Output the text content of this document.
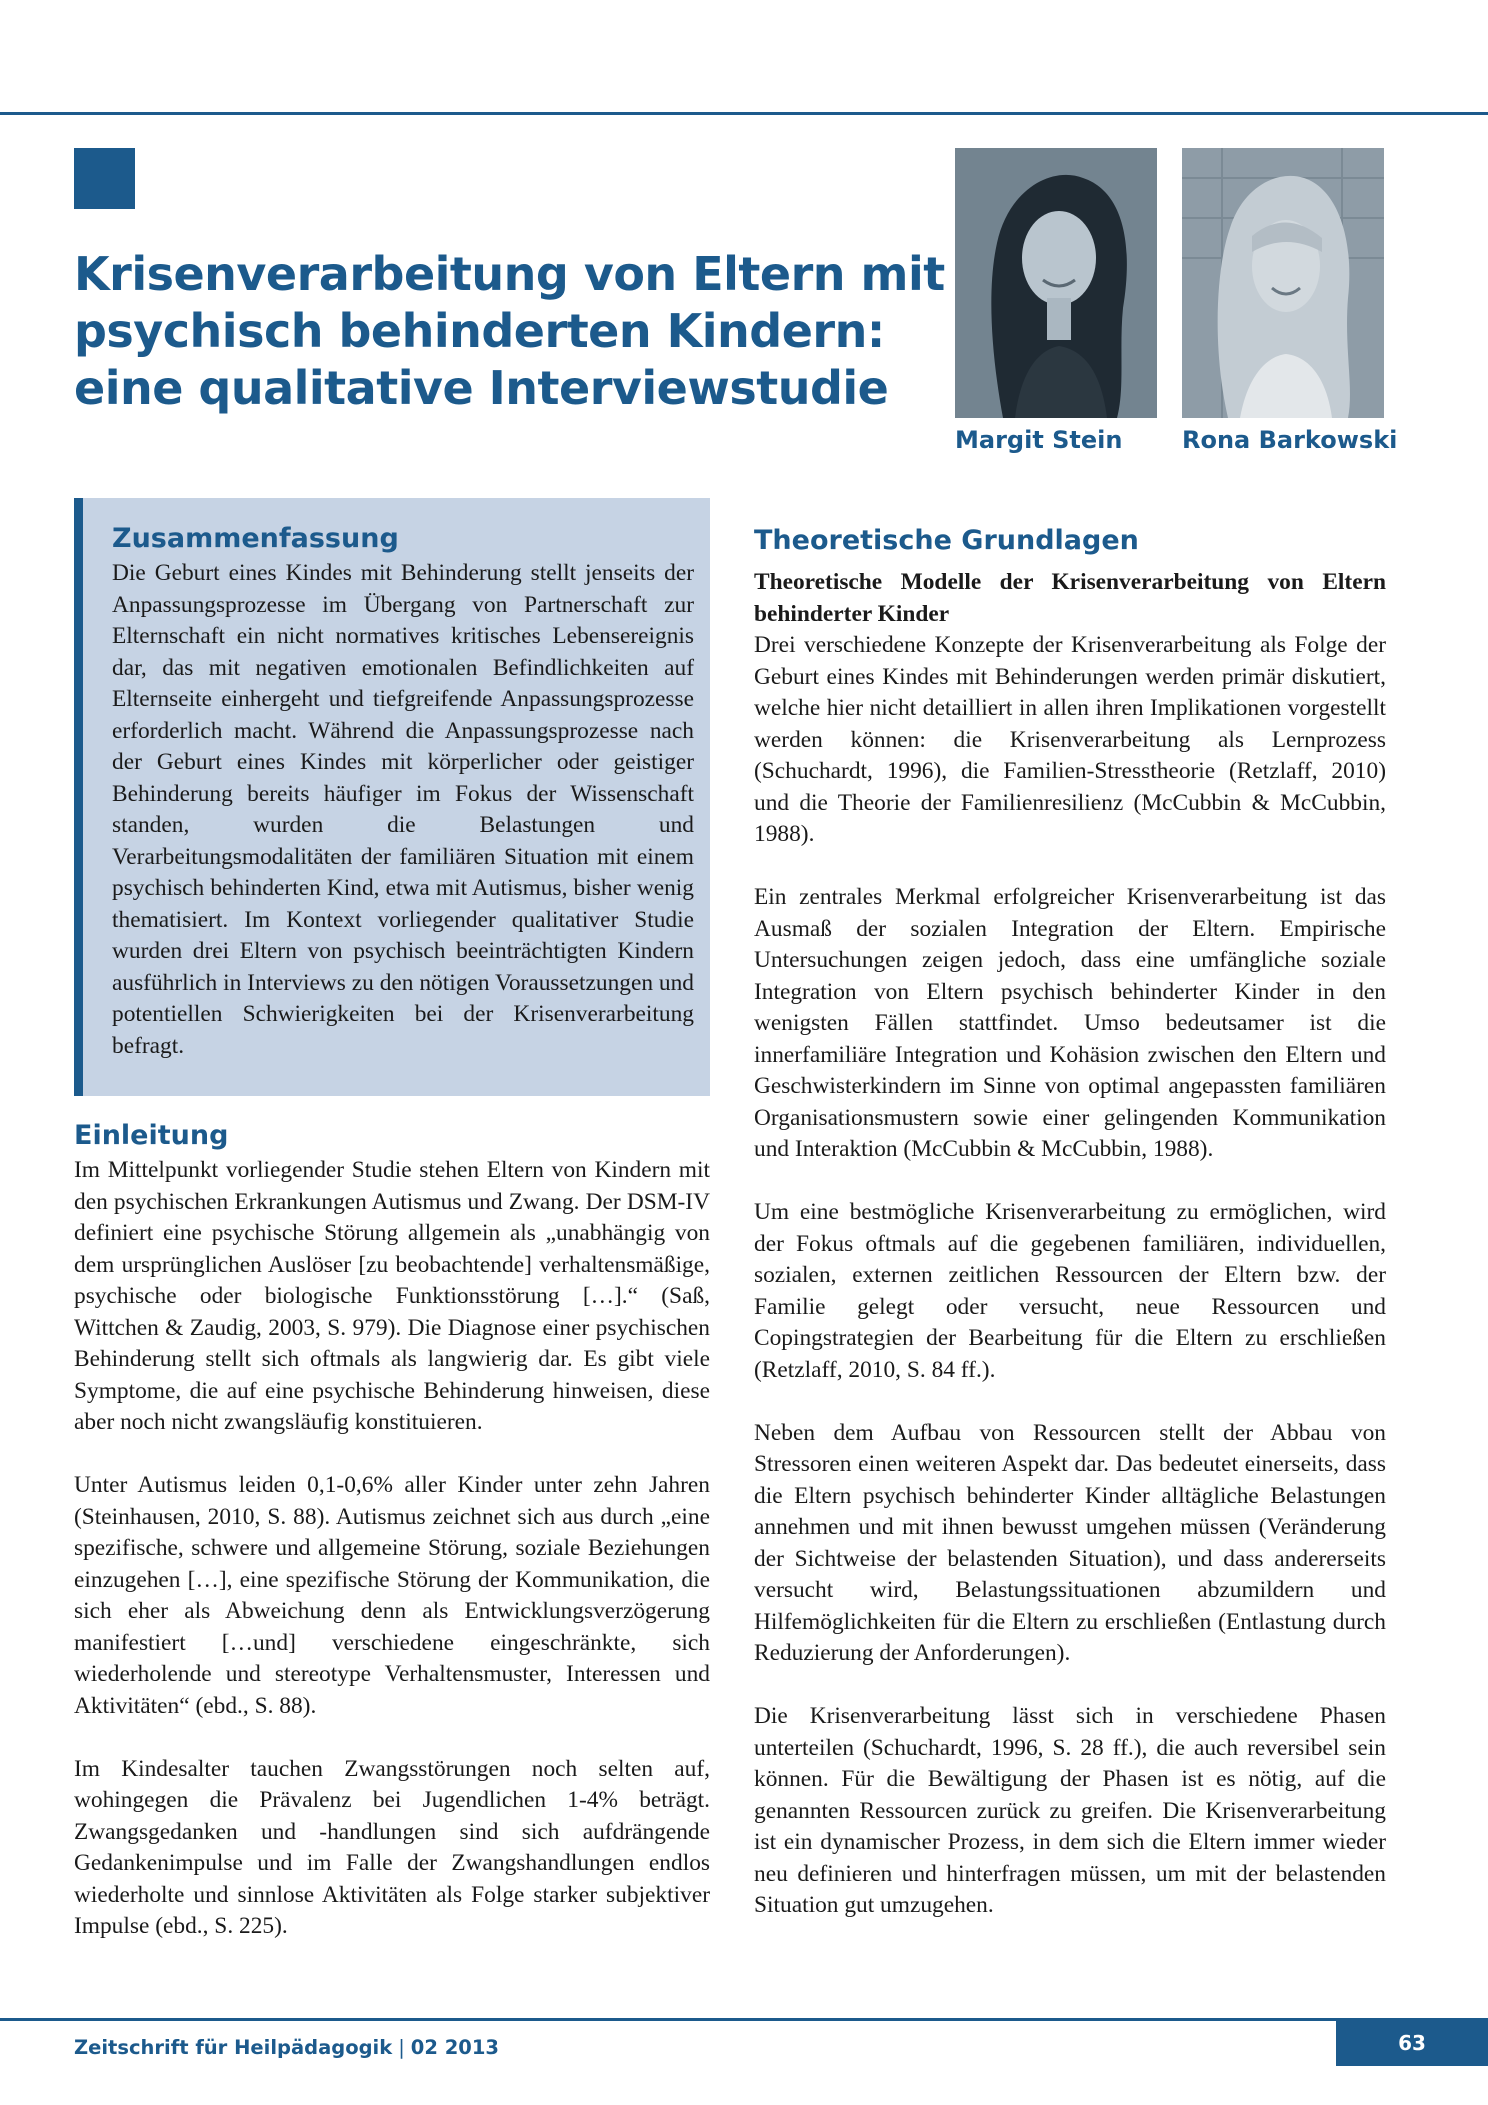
Krisenverarbeitung von Eltern mit
psychisch behinderten Kindern:
eine qualitative Interviewstudie

Margit Stein Rona Barkowski

Zusammenfassung

Die Geburt eines Kindes mit Behinderung stellt jenseits der Anpassungsprozesse im Übergang von Partnerschaft zur Elternschaft ein nicht normatives kritisches Lebensereignis dar, das mit negativen emotionalen Befindlichkeiten auf Elternseite einhergeht und tiefgreifende Anpassungsprozesse erforderlich macht. Während die Anpassungsprozesse nach der Geburt eines Kindes mit körperlicher oder geistiger Behinderung bereits häufiger im Fokus der Wissenschaft standen, wurden die Belastungen und Verarbeitungsmodalitäten der familiären Situation mit einem psychisch behinderten Kind, etwa mit Autismus, bisher wenig thematisiert. Im Kontext vorliegender qualitativer Studie wurden drei Eltern von psychisch beeinträchtigten Kindern ausführlich in Interviews zu den nötigen Voraussetzungen und potentiellen Schwierigkeiten bei der Krisenverarbeitung befragt.

Einleitung

Im Mittelpunkt vorliegender Studie stehen Eltern von Kindern mit den psychischen Erkrankungen Autismus und Zwang. Der DSM-IV definiert eine psychische Störung allgemein als „unabhängig von dem ursprünglichen Auslöser [zu beobachtende] verhaltensmäßige, psychische oder biologische Funktionsstörung […].“ (Saß, Wittchen & Zaudig, 2003, S. 979). Die Diagnose einer psychischen Behinderung stellt sich oftmals als langwierig dar. Es gibt viele Symptome, die auf eine psychische Behinderung hinweisen, diese aber noch nicht zwangsläufig konstituieren.

Unter Autismus leiden 0,1-0,6% aller Kinder unter zehn Jahren (Steinhausen, 2010, S. 88). Autismus zeichnet sich aus durch „eine spezifische, schwere und allgemeine Störung, soziale Beziehungen einzugehen […], eine spezifische Störung der Kommunikation, die sich eher als Abweichung denn als Entwicklungsverzögerung manifestiert […und] verschiedene eingeschränkte, sich wiederholende und stereotype Verhaltensmuster, Interessen und Aktivitäten“ (ebd., S. 88).

Im Kindesalter tauchen Zwangsstörungen noch selten auf, wohingegen die Prävalenz bei Jugendlichen 1-4% beträgt. Zwangsgedanken und -handlungen sind sich aufdrängende Gedankenimpulse und im Falle der Zwangshandlungen endlos wiederholte und sinnlose Aktivitäten als Folge starker subjektiver Impulse (ebd., S. 225).

Theoretische Grundlagen

Theoretische Modelle der Krisenverarbeitung von Eltern behinderter Kinder

Drei verschiedene Konzepte der Krisenverarbeitung als Folge der Geburt eines Kindes mit Behinderungen werden primär diskutiert, welche hier nicht detailliert in allen ihren Implikationen vorgestellt werden können: die Krisenverarbeitung als Lernprozess (Schuchardt, 1996), die Familien-Stresstheorie (Retzlaff, 2010) und die Theorie der Familienresilienz (McCubbin & McCubbin, 1988).

Ein zentrales Merkmal erfolgreicher Krisenverarbeitung ist das Ausmaß der sozialen Integration der Eltern. Empirische Untersuchungen zeigen jedoch, dass eine umfängliche soziale Integration von Eltern psychisch behinderter Kinder in den wenigsten Fällen stattfindet. Umso bedeutsamer ist die innerfamiliäre Integration und Kohäsion zwischen den Eltern und Geschwisterkindern im Sinne von optimal angepassten familiären Organisationsmustern sowie einer gelingenden Kommunikation und Interaktion (McCubbin & McCubbin, 1988).

Um eine bestmögliche Krisenverarbeitung zu ermöglichen, wird der Fokus oftmals auf die gegebenen familiären, individuellen, sozialen, externen zeitlichen Ressourcen der Eltern bzw. der Familie gelegt oder versucht, neue Ressourcen und Copingstrategien der Bearbeitung für die Eltern zu erschließen (Retzlaff, 2010, S. 84 ff.).

Neben dem Aufbau von Ressourcen stellt der Abbau von Stressoren einen weiteren Aspekt dar. Das bedeutet einerseits, dass die Eltern psychisch behinderter Kinder alltägliche Belastungen annehmen und mit ihnen bewusst umgehen müssen (Veränderung der Sichtweise der belastenden Situation), und dass andererseits versucht wird, Belastungssituationen abzumildern und Hilfemöglichkeiten für die Eltern zu erschließen (Entlastung durch Reduzierung der Anforderungen).

Die Krisenverarbeitung lässt sich in verschiedene Phasen unterteilen (Schuchardt, 1996, S. 28 ff.), die auch reversibel sein können. Für die Bewältigung der Phasen ist es nötig, auf die genannten Ressourcen zurück zu greifen. Die Krisenverarbeitung ist ein dynamischer Prozess, in dem sich die Eltern immer wieder neu definieren und hinterfragen müssen, um mit der belastenden Situation gut umzugehen.

Zeitschrift für Heilpädagogik | 02 2013	63
